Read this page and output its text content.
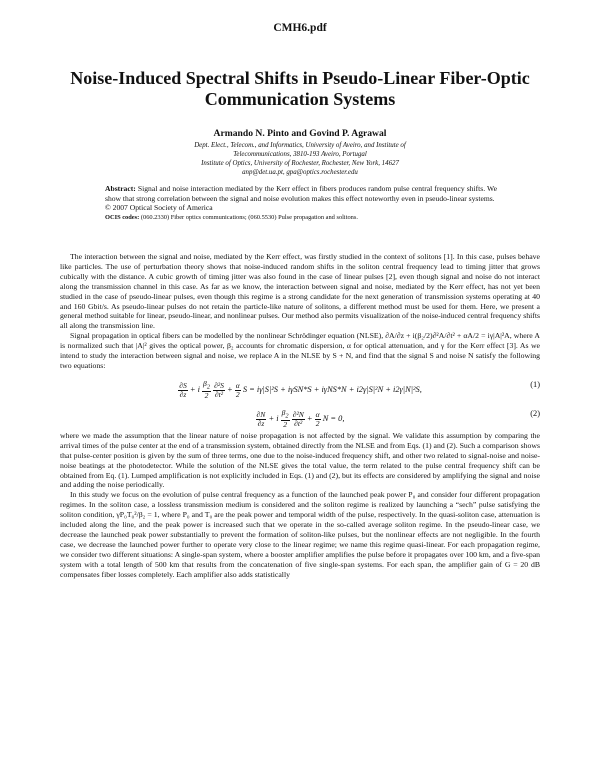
CMH6.pdf
Noise-Induced Spectral Shifts in Pseudo-Linear Fiber-Optic
Communication Systems
Armando N. Pinto and Govind P. Agrawal
Dept. Elect., Telecom., and Informatics, University of Aveiro, and Institute of
Telecommunications, 3810-193 Aveiro, Portugal
Institute of Optics, University of Rochester, Rochester, New York, 14627
anp@det.ua.pt, gpa@optics.rochester.edu
Abstract: Signal and noise interaction mediated by the Kerr effect in fibers produces random pulse central frequency shifts. We show that strong correlation between the signal and noise evolution makes this effect noteworthy even in pseudo-linear systems.
© 2007 Optical Society of America
OCIS codes: (060.2330) Fiber optics communications; (060.5530) Pulse propagation and solitons.

The interaction between the signal and noise, mediated by the Kerr effect, was firstly studied in the context of solitons [1]. In this case, pulses behave like particles. The use of perturbation theory shows that noise-induced random shifts in the soliton central frequency lead to timing jitter that grows cubically with the distance. A cubic growth of timing jitter was also found in the case of linear pulses [2], even though signal and noise do not interact along the transmission channel in this case. As far as we know, the interaction between signal and noise, mediated by the Kerr effect, has not yet been studied in the case of pseudo-linear pulses, even though this regime is a strong candidate for the next generation of transmission systems operating at 40 and 160 Gbit/s. As pseudo-linear pulses do not retain the particle-like nature of solitons, a different method must be used for them. Here, we present a general method suitable for linear, pseudo-linear, and nonlinear pulses. Our method also permits visualization of the noise-induced central frequency shifts all along the transmission line.

Signal propagation in optical fibers can be modelled by the nonlinear Schrödinger equation (NLSE), ∂A/∂z + i(β₂/2)∂²A/∂t² + αA/2 = iγ|A|²A, where A is normalized such that |A|² gives the optical power, β₂ accounts for chromatic dispersion, α for optical attenuation, and γ for the Kerr effect [3]. As we intend to study the interaction between signal and noise, we replace A in the NLSE by S + N, and find that the signal S and noise N satisfy the following two equations:

$\frac{\partial S}{\partial z} + i \frac{\beta_2}{2}$
$\frac{\text{∂²S}}{\text{∂t²}} + \frac{\alpha}{2}$ S = iγ|S|²S + iγSN*S + iγNS*N + i2γ|S|²N + i2γ|N|²S,
(1)
$\frac{\partial N}{\partial z} + i \frac{\beta_2}{2}$
$\frac{\text{∂²N}}{\text{∂t²}} + \frac{\alpha}{2}$ N = 0,
(2)

where we made the assumption that the linear nature of noise propagation is not affected by the signal. We validate this assumption by comparing the arrival times of the pulse center at the end of a transmission system, obtained directly from the NLSE and from Eqs. (1) and (2). Such a comparison shows that pulse-center position is given by the sum of three terms, one due to the noise-induced frequency shift, and other two related to signal-noise and noise-noise beatings at the photodetector. While the solution of the NLSE gives the total value, the term related to the pulse central frequency shift can be obtained from Eq. (1). Lumped amplification is not explicitly included in Eqs. (1) and (2), but its effects are considered by amplifying the signal and noise and adding the noise periodically.

In this study we focus on the evolution of pulse central frequency as a function of the launched peak power P₀ and consider four different propagation regimes. In the soliton case, a lossless transmission medium is considered and the soliton regime is realized by launching a “sech” pulse satisfying the soliton condition, γP₀T₀²/β₂ = 1, where P₀ and T₀ are the peak power and temporal width of the pulse, respectively. In the quasi-soliton case, attenuation is included along the line, and the peak power is increased such that we operate in the so-called average soliton regime. In the pseudo-linear case, we decrease the launched peak power substantially to prevent the formation of soliton-like pulses, but the nonlinear effects are not negligible. In the fourth case, we decrease the launched power further to operate very close to the linear regime; we name this regime quasi-linear. For each propagation regime, we consider two different situations: A single-span system, where a booster amplifier amplifies the pulse before it propagates over 100 km, and a five-span system with a total length of 500 km that results from the concatenation of five single-span systems. For each span, the amplifier gain of G = 20 dB compensates fiber losses completely. Each amplifier also adds statistically
